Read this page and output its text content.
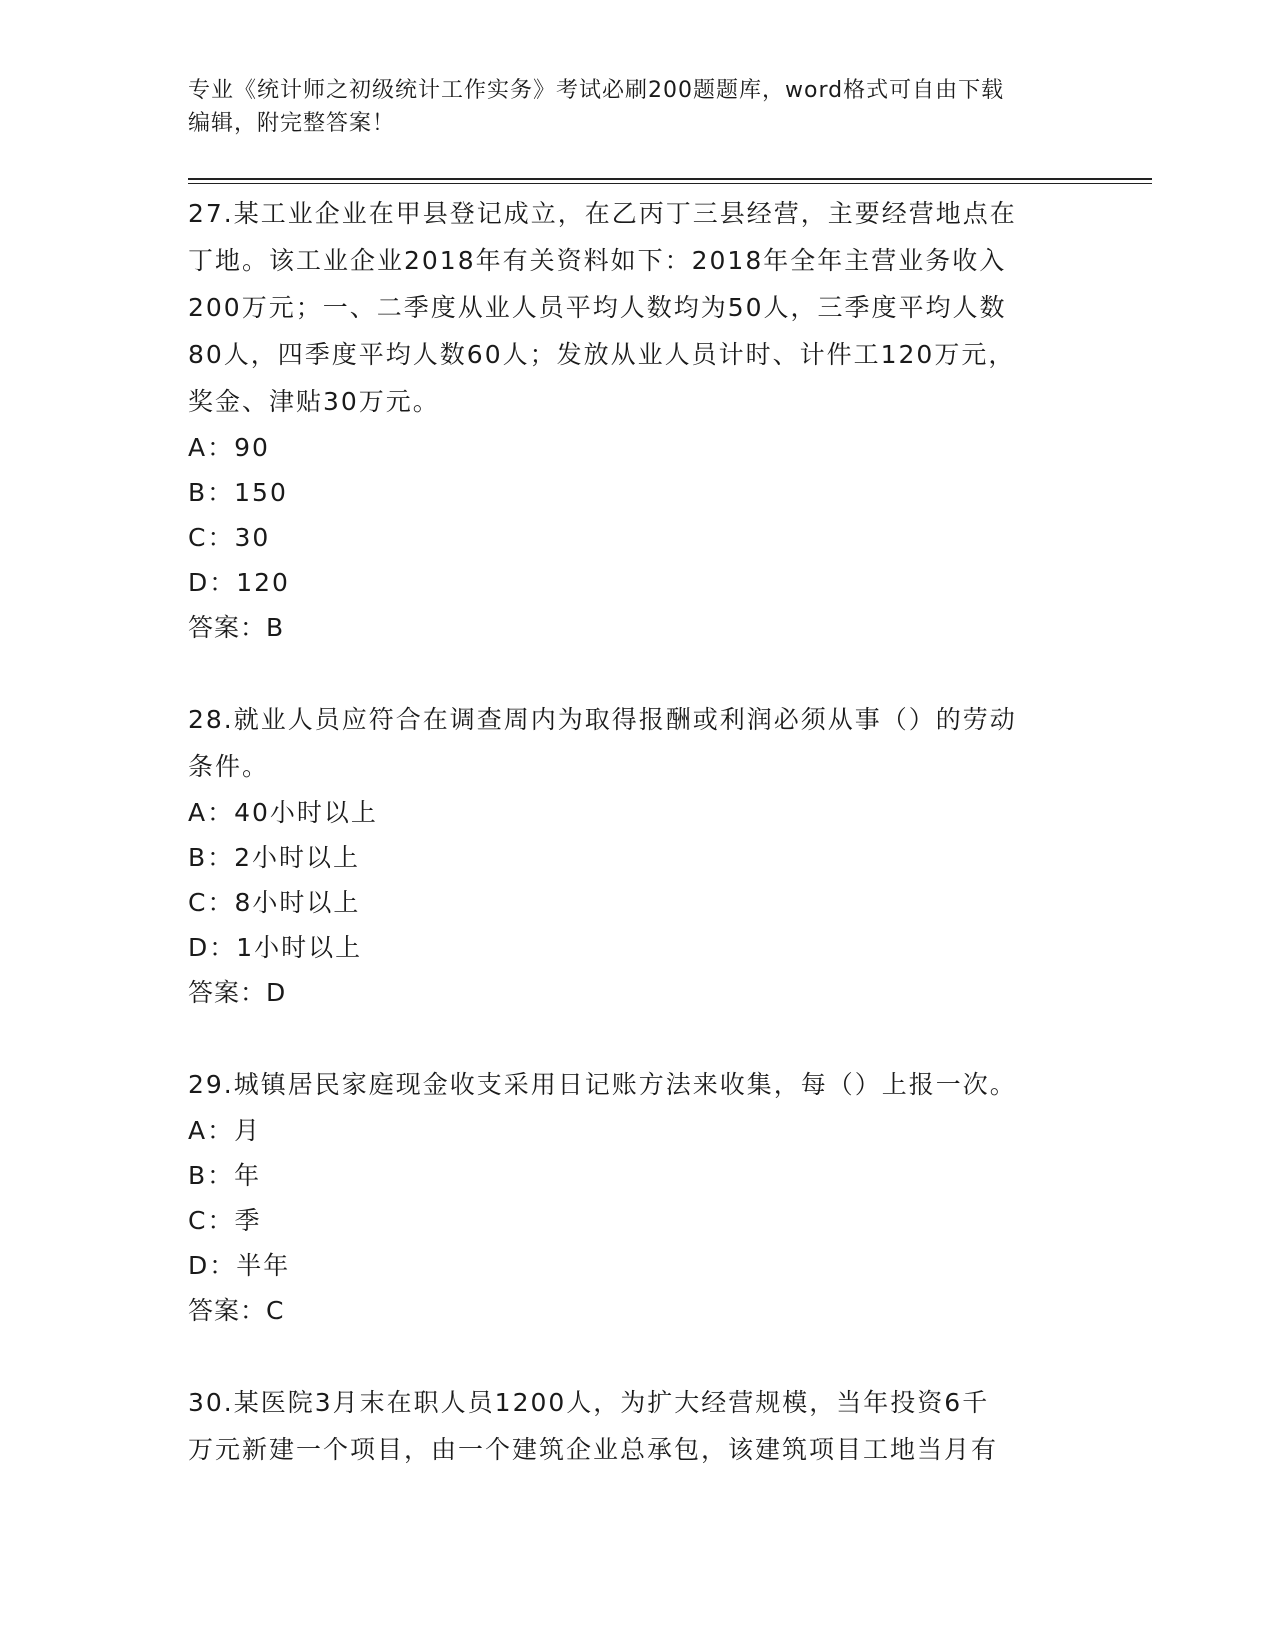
专业《统计师之初级统计工作实务》考试必刷200题题库，word格式可自由下载
编辑，附完整答案！

27.某工业企业在甲县登记成立，在乙丙丁三县经营，主要经营地点在

丁地。该工业企业2018年有关资料如下：2018年全年主营业务收入

200万元；一、二季度从业人员平均人数均为50人，三季度平均人数

80人，四季度平均人数60人；发放从业人员计时、计件工120万元，

奖金、津贴30万元。

A：90

B：150

C：30

D：120

答案：B

28.就业人员应符合在调查周内为取得报酬或利润必须从事（）的劳动

条件。

A：40小时以上

B：2小时以上

C：8小时以上

D：1小时以上

答案：D

29.城镇居民家庭现金收支采用日记账方法来收集，每（）上报一次。

A：月

B：年

C：季

D：半年

答案：C

30.某医院3月末在职人员1200人，为扩大经营规模，当年投资6千

万元新建一个项目，由一个建筑企业总承包，该建筑项目工地当月有
